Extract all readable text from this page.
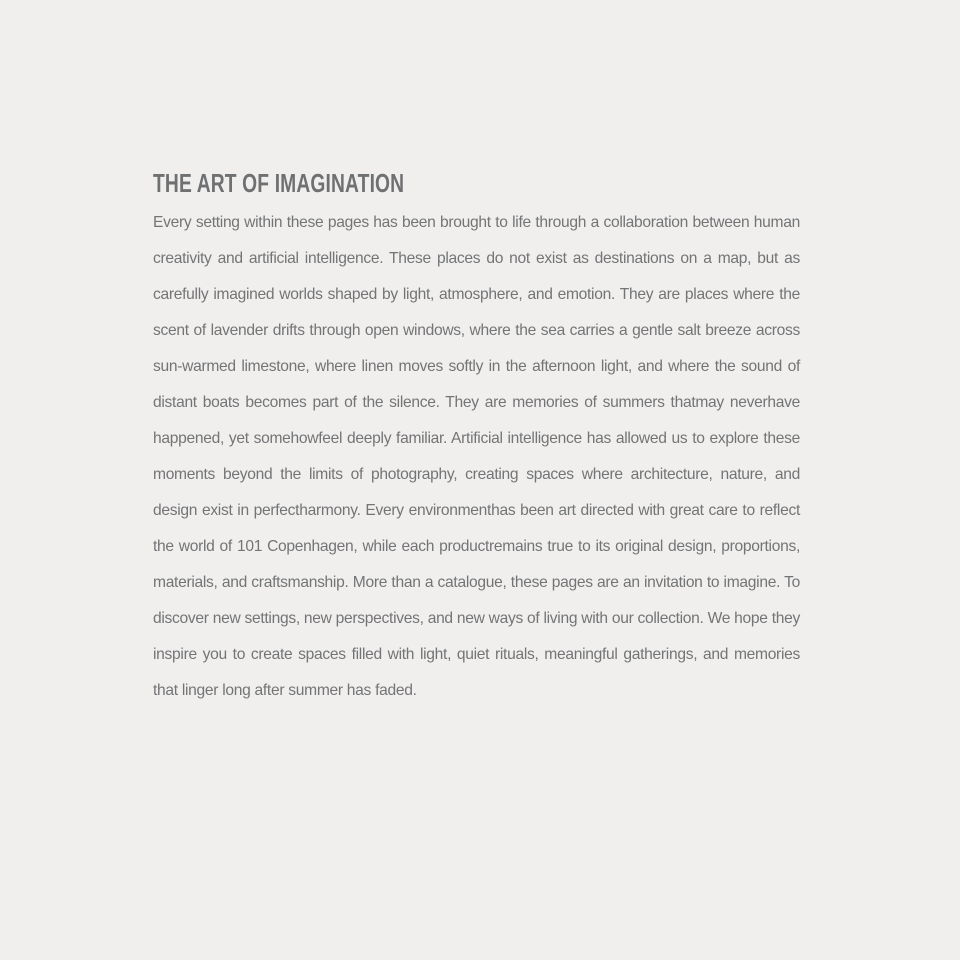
THE ART OF IMAGINATION

Every setting within these pages has been brought to life through a collaboration between human creativity and artificial intelligence. These places do not exist as destinations on a map, but as carefully imagined worlds shaped by light, atmosphere, and emotion. They are places where the scent of lavender drifts through open windows, where the sea carries a gentle salt breeze across sun-warmed limestone, where linen moves softly in the afternoon light, and where the sound of distant boats becomes part of the silence. They are memories of summers thatmay neverhave happened, yet somehowfeel deeply familiar. Artificial intelligence has allowed us to explore these moments beyond the limits of photography, creating spaces where architecture, nature, and design exist in perfectharmony. Every environmenthas been art directed with great care to reflect the world of 101 Copenhagen, while each productremains true to its original design, proportions, materials, and craftsmanship. More than a catalogue, these pages are an invitation to imagine. To discover new settings, new perspectives, and new ways of living with our collection. We hope they inspire you to create spaces filled with light, quiet rituals, meaningful gatherings, and memories that linger long after summer has faded.
